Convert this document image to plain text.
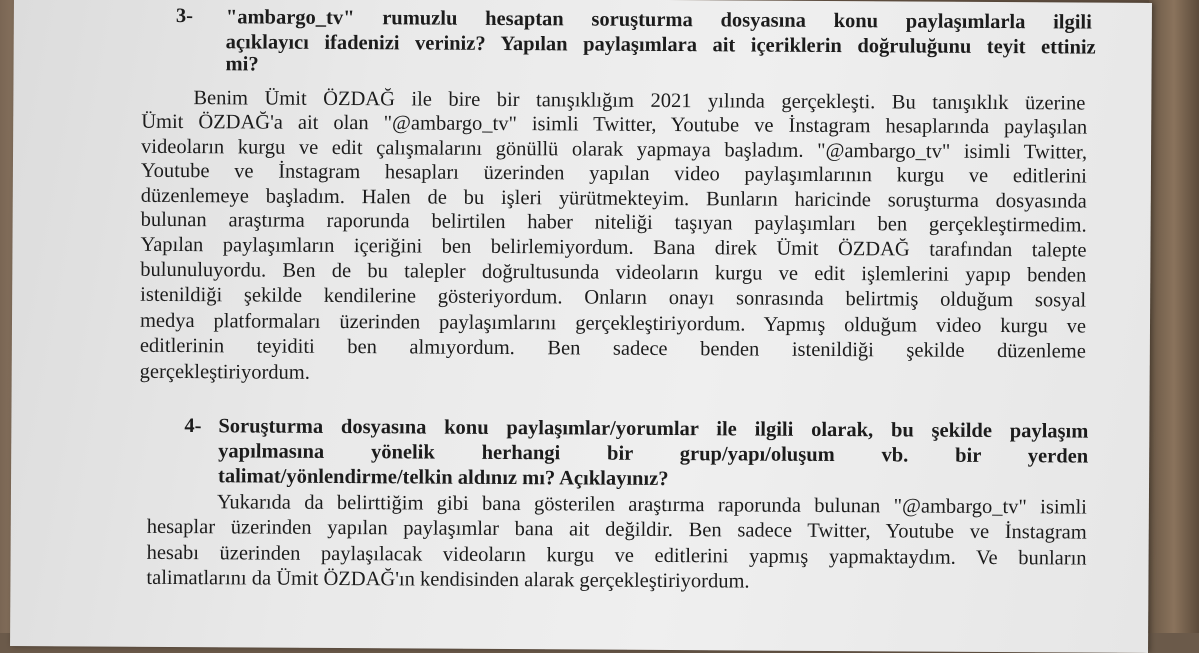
3- "ambargo_tv" rumuzlu hesaptan soruşturma dosyasına konu paylaşımlarla ilgili
açıklayıcı ifadenizi veriniz? Yapılan paylaşımlara ait içeriklerin doğruluğunu teyit ettiniz
mi?
Benim Ümit ÖZDAĞ ile bire bir tanışıklığım 2021 yılında gerçekleşti. Bu tanışıklık üzerine
Ümit ÖZDAĞ'a ait olan "@ambargo_tv" isimli Twitter, Youtube ve İnstagram hesaplarında paylaşılan
videoların kurgu ve edit çalışmalarını gönüllü olarak yapmaya başladım. "@ambargo_tv" isimli Twitter,
Youtube ve İnstagram hesapları üzerinden yapılan video paylaşımlarının kurgu ve editlerini
düzenlemeye başladım. Halen de bu işleri yürütmekteyim. Bunların haricinde soruşturma dosyasında
bulunan araştırma raporunda belirtilen haber niteliği taşıyan paylaşımları ben gerçekleştirmedim.
Yapılan paylaşımların içeriğini ben belirlemiyordum. Bana direk Ümit ÖZDAĞ tarafından talepte
bulunuluyordu. Ben de bu talepler doğrultusunda videoların kurgu ve edit işlemlerini yapıp benden
istenildiği şekilde kendilerine gösteriyordum. Onların onayı sonrasında belirtmiş olduğum sosyal
medya platformaları üzerinden paylaşımlarını gerçekleştiriyordum. Yapmış olduğum video kurgu ve
editlerinin teyiditi ben almıyordum. Ben sadece benden istenildiği şekilde düzenleme
gerçekleştiriyordum.
4- Soruşturma dosyasına konu paylaşımlar/yorumlar ile ilgili olarak, bu şekilde paylaşım
yapılmasına yönelik herhangi bir grup/yapı/oluşum vb. bir yerden
talimat/yönlendirme/telkin aldınız mı? Açıklayınız?
Yukarıda da belirttiğim gibi bana gösterilen araştırma raporunda bulunan "@ambargo_tv" isimli
hesaplar üzerinden yapılan paylaşımlar bana ait değildir. Ben sadece Twitter, Youtube ve İnstagram
hesabı üzerinden paylaşılacak videoların kurgu ve editlerini yapmış yapmaktaydım. Ve bunların
talimatlarını da Ümit ÖZDAĞ'ın kendisinden alarak gerçekleştiriyordum.
